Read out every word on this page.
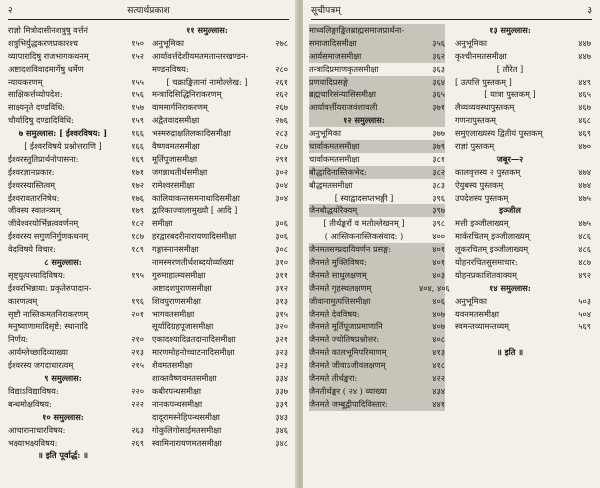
२	सत्यार्थप्रकाश
राज्ञो मित्रोदासीनशत्रुषु वर्त्तनं
शत्रुभिर्युद्धकरणप्रकारश्च	१५०
व्यापारादिषु राजभागकथनम्	१५२
अष्टादशविवादमार्गेषु धर्मेण
न्यायकरणम्	१५५
साक्षिकर्त्तव्योपदेश:	१५६
साक्ष्यनृते दण्डविधि:	१५७
चौर्यादिषु दण्डादिविधि:	१५९
७ समुल्लास: [ ईश्वरविषय: ]	१६६
[ ईश्वरविषये प्रश्नोत्तराणि ]	१६६
ईश्वरस्तुतिप्रार्थनोपासना:	१६९
ईश्वरज्ञानप्रकार:	१७१
ईश्वरस्यास्तित्वम्	१७२
ईश्वरावतारनिषेध:	१७६
जीवस्य स्वातन्त्र्यम्	१७९
जीवेश्वरयोर्भिन्नत्ववर्णनम्	१८२
ईश्वरस्य सगुणनिर्गुणकथनम्	१८७
वेदविषये विचार:	१८९
८ समुल्लास:
सृष्ट्युत्पत्त्यादिविषय:	१९५
ईश्वरभिन्नाया: प्रकृतेरुपादान-
कारणत्वम्	१९६
सृष्टौ नास्तिकमतनिराकरणम्	२०१
मनुष्याणामादिसृष्टे: स्थानादि
निर्णय:	२१०
आर्यम्लेच्छादिव्याख्या	२१३
ईश्वरस्य जगदाधारत्वम्	२१५
९ समुल्लास:
विद्याऽविद्याविषय:	२२०
बन्धमोक्षविषय:	२२२
१० समुल्लास:
आचारानाचारविषय:	२६३
भक्ष्याभक्ष्यविषय:	२६९
॥ इति पूर्वार्द्ध: ॥
११ समुल्लास:
अनुभूमिका	२७८
आर्यावर्त्तदेशीयमतमतान्तरखण्डन-
मण्डनविषय:	२८०
[ चक्राङ्कितानां नामोल्लेख: ]	२६१
मन्त्रादिसिद्धिनिराकरणम्	२६२
वाममार्गनिराकरणम्	२६७
अद्वैतवादसमीक्षा	२७६
भस्मरुद्राक्षतिलकादिसमीक्षा	२८३
वैष्णवमतसमीक्षा	२८७
मूर्तिपूजासमीक्षा	२९१
जगन्नाथतीर्थसमीक्षा	३०२
रामेश्वरसमीक्षा	३०४
कालियाकन्तसमनाथादिसमीक्षा	३०४
द्वारिकाज्वालामुख्यौ [ आदि ]
समीक्षा	३०६
हरद्वारबदरीनारायणादिसमीक्षा	३०६
गङ्गास्नानसमीक्षा	३०८
नामस्मरणतीर्थशब्दयोर्व्याख्या	३१०
गुरुमाहात्म्यसमीक्षा	३११
अष्टादशपुराणसमीक्षा	३१२
शिवपुराणसमीक्षा	३१३
भागवतसमीक्षा	३१५
सूर्यादिग्रहपूजासमीक्षा	३२०
एकादश्यादिव्रतदानादिसमीक्षा	३२१
मारणमोहनोच्चाटनादिसमीक्षा	३२३
शैवमतसमीक्षा	३२३
शाक्तवैष्णवमतसमीक्षा	३३४
कबीरपन्थसमीक्षा	३३७
नानकपन्थसमीक्षा	३३९
दादूरामस्नेहिपन्थसमीक्षा	३४३
गोकुलिगोसाईमतसमीक्षा	३४६
स्वामिनारायणमतसमीक्षा	३४८
सूचीपत्रम्	३
माध्वलिङ्गाङ्कितब्राह्मसमाजप्रार्थना-
समाजादिसमीक्षा	३५६
आर्यसमाजसमीक्षा	३६२
तन्त्रादिप्रमाणकृतसमीक्षा	३६३
प्रणवादिप्रसङ्गे	३६४
ब्रह्मचारिसंन्यासिसमीक्षा	३६५
आर्यावर्त्तीयराजवंशावली	३७१
१२ समुल्लास:
अनुभूमिका	३७७
चार्वाकमतसमीक्षा	३७९
चार्वाकमतसमीक्षा	३८१
बौद्धादिनास्तिकभेद:	३८२
बौद्धमतसमीक्षा	३८३
[ स्याद्वादसप्तभङ्गी ]	३९६
जैनबौद्धयोरैक्यम्	३९७
[ तीर्थङ्करों व मतोल्लेखनम् ]	३९८
( आस्तिकनास्तिकसंवाद: )	४००
जैनमतसम्प्रदायिवर्णन प्रसङ्ग:	४०१
जैनमते मुक्तिविषय:	४०१
जैनमते साधुलक्षणम्	४०३
जैनमते गृहस्थलक्षणम्	४०४, ४०६
जीवानामुत्पत्तिसमीक्षा	४०६
जैनमते देवविषय:	४०७
जैनमते मूर्तिपूजाप्रमाणानि	४०७
जैनमते ज्योतिषप्रश्नोत्तर:	४०८
जैनमते कालभूमिपरिमाणम्	४१३
जैनमते जीवाऽजीवलक्षणम्	४१८
जैनमते तीर्थङ्करा:	४२२
जैनतीर्थङ्कर ( २४ ) व्याख्या	४३४
जैनमते जम्बूद्वीपादिविस्तार:	४४१
१३ समुल्लास:
अनुभूमिका	४४७
कृश्चीनमतसमीक्षा	४४७
[ तौरेत ]
[ उत्पत्ति पुस्तकम् ]	४४९
[ यात्रा पुस्तकम् ]	४६५
लैव्यव्यवस्थापुस्तकम्	४६७
गणनापुस्तकम्	४६८
समुएलाख्यस्य द्वितीयं पुस्तकम्	४६९
राज्ञां पुस्तकम्	४७०
जबूर—२
कालवृत्तस्य २ पुस्तकम्	४७४
ऐयुबस्य पुस्तकम्	४७४
उपदेशस्य पुस्तकम्	४७५
इञ्जील
मत्ती इञ्जीलाख्यम्	४७५
मार्करचितम् इञ्जीलाख्यम्	४८६
लूकरचितम् इञ्जीलाख्यम्	४८६
योहनरचितसुसमाचार:	४८७
योहनप्रकाशितवाक्यम्	४९२
१४ समुल्लास:
अनुभूमिका	५०३
यवनमतसमीक्षा	५०४
स्वमन्तव्यामन्तव्यम्	५६९
॥ इति ॥
